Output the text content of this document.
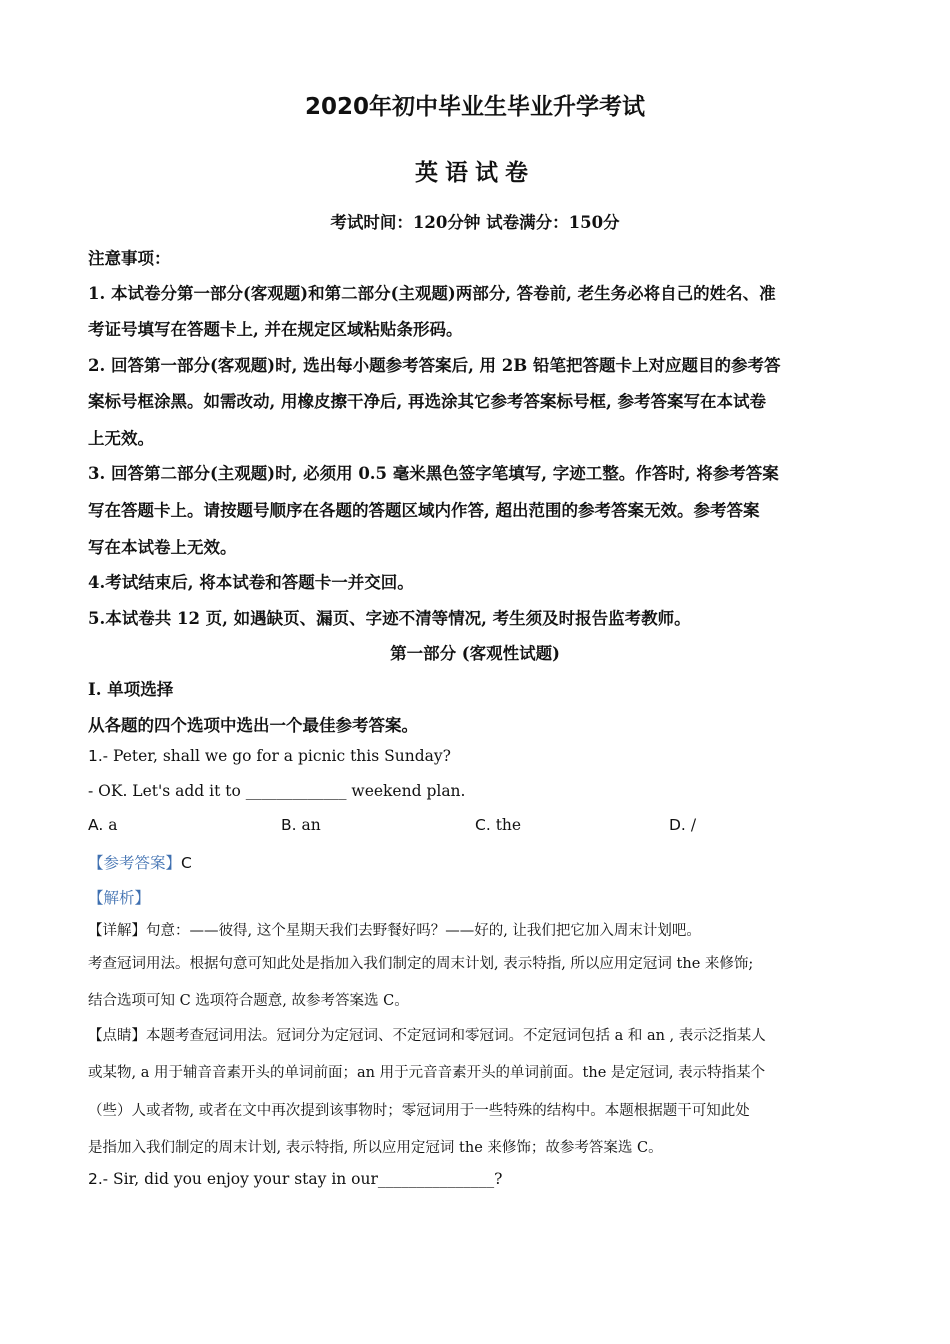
2020年初中毕业生毕业升学考试
英语试卷
考试时间：120分钟 试卷满分：150分
注意事项：
1. 本试卷分第一部分(客观题)和第二部分(主观题)两部分, 答卷前, 老生务必将自己的姓名、准
考证号填写在答题卡上, 并在规定区域粘贴条形码。
2. 回答第一部分(客观题)时, 选出每小题参考答案后, 用 2B 铅笔把答题卡上对应题目的参考答
案标号框涂黑。如需改动, 用橡皮擦干净后, 再选涂其它参考答案标号框, 参考答案写在本试卷
上无效。
3. 回答第二部分(主观题)时, 必须用 0.5 毫米黑色签字笔填写, 字迹工整。作答时, 将参考答案
写在答题卡上。请按题号顺序在各题的答题区域内作答, 超出范围的参考答案无效。参考答案
写在本试卷上无效。
4.考试结束后, 将本试卷和答题卡一并交回。
5.本试卷共 12 页, 如遇缺页、漏页、字迹不清等情况, 考生须及时报告监考教师。
第一部分 (客观性试题)
I. 单项选择
从各题的四个选项中选出一个最佳参考答案。
1.- Peter, shall we go for a picnic this Sunday?
- OK. Let's add it to _____________ weekend plan.
A. a	B. an	C. the	D. /
【参考答案】C
【解析】
【详解】句意：——彼得, 这个星期天我们去野餐好吗？——好的, 让我们把它加入周末计划吧。
考查冠词用法。根据句意可知此处是指加入我们制定的周末计划, 表示特指, 所以应用定冠词 the 来修饰;
结合选项可知 C 选项符合题意, 故参考答案选 C。
【点睛】本题考查冠词用法。冠词分为定冠词、不定冠词和零冠词。不定冠词包括 a 和 an , 表示泛指某人
或某物, a 用于辅音音素开头的单词前面；an 用于元音音素开头的单词前面。the 是定冠词, 表示特指某个
（些）人或者物, 或者在文中再次提到该事物时；零冠词用于一些特殊的结构中。本题根据题干可知此处
是指加入我们制定的周末计划, 表示特指, 所以应用定冠词 the 来修饰；故参考答案选 C。
2.- Sir, did you enjoy your stay in our_______________?
